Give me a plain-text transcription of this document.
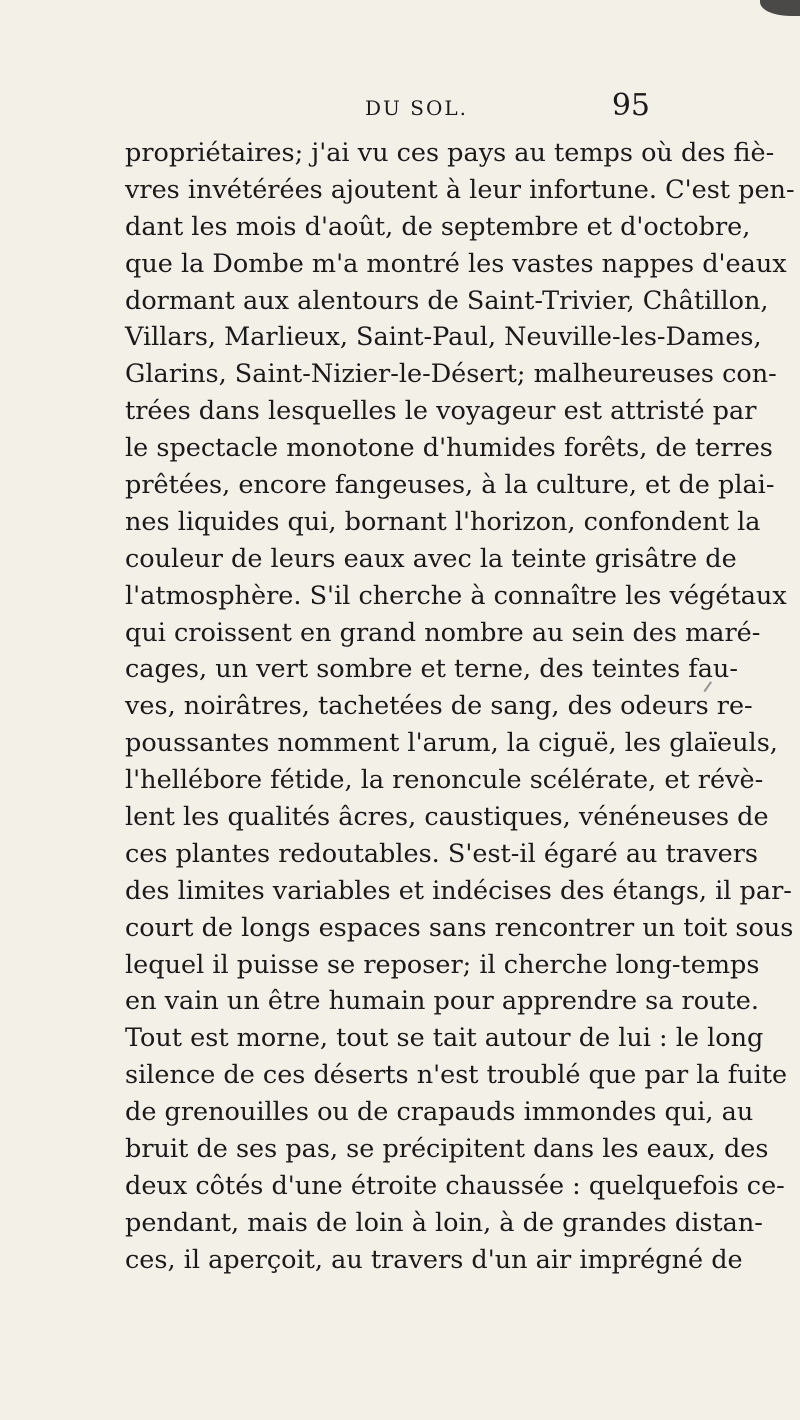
DU SOL.	95
propriétaires; j'ai vu ces pays au temps où des fiè-
vres invétérées ajoutent à leur infortune. C'est pen-
dant les mois d'août, de septembre et d'octobre,
que la Dombe m'a montré les vastes nappes d'eaux
dormant aux alentours de Saint-Trivier, Châtillon,
Villars, Marlieux, Saint-Paul, Neuville-les-Dames,
Glarins, Saint-Nizier-le-Désert; malheureuses con-
trées dans lesquelles le voyageur est attristé par
le spectacle monotone d'humides forêts, de terres
prêtées, encore fangeuses, à la culture, et de plai-
nes liquides qui, bornant l'horizon, confondent la
couleur de leurs eaux avec la teinte grisâtre de
l'atmosphère. S'il cherche à connaître les végétaux
qui croissent en grand nombre au sein des maré-
cages, un vert sombre et terne, des teintes fau-
ves, noirâtres, tachetées de sang, des odeurs re-
poussantes nomment l'arum, la ciguë, les glaïeuls,
l'hellébore fétide, la renoncule scélérate, et révè-
lent les qualités âcres, caustiques, vénéneuses de
ces plantes redoutables. S'est-il égaré au travers
des limites variables et indécises des étangs, il par-
court de longs espaces sans rencontrer un toit sous
lequel il puisse se reposer; il cherche long-temps
en vain un être humain pour apprendre sa route.
Tout est morne, tout se tait autour de lui : le long
silence de ces déserts n'est troublé que par la fuite
de grenouilles ou de crapauds immondes qui, au
bruit de ses pas, se précipitent dans les eaux, des
deux côtés d'une étroite chaussée : quelquefois ce-
pendant, mais de loin à loin, à de grandes distan-
ces, il aperçoit, au travers d'un air imprégné de
